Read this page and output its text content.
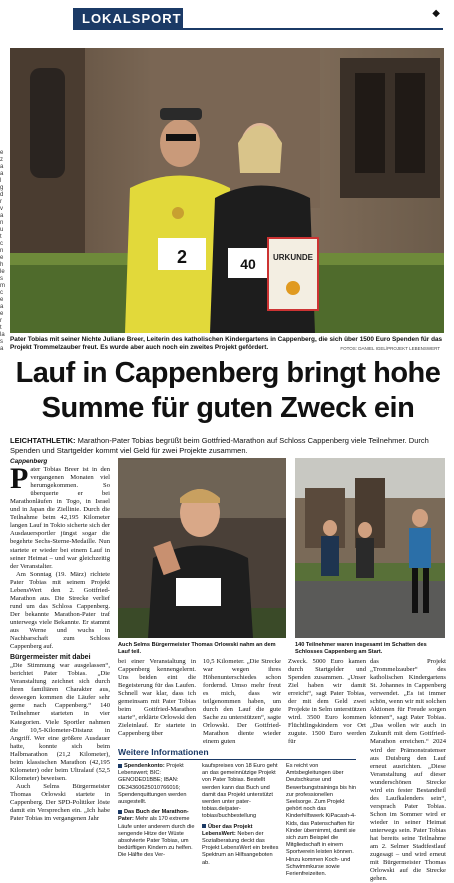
LOKALSPORT	◆
e
z
a
a
l
g
d
r
v
a
n
u
t
c
n
e
h
le
s
m
c
e
a
e
r
t
la
s
a
2	40 URKUNDE
Pater Tobias mit seiner Nichte Juliane Breer, Leiterin des katholischen Kindergartens in Cappenberg, die sich über 1500 Euro Spenden für das Projekt Trommelzauber freut. Es wurde aber auch noch ein zweites Projekt gefördert.	FOTOS: DANIEL IGEL/PROJEKT LEBENSWERT
Lauf in Cappenberg bringt hohe
Summe für guten Zweck ein
LEICHTATHLETIK: Marathon-Pater Tobias begrüßt beim Gottfried-Marathon auf Schloss Cappenberg viele Teilnehmer. Durch Spenden und Startgelder kommt viel Geld für zwei Projekte zusammen.

Cappenberg

Pater Tobias Breer ist in den vergangenen Monaten viel herumgekommen. So überquerte er bei Marathonläufen in Togo, in Israel und in Japan die Ziellinie. Durch die Teilnahme beim 42,195 Kilometer langen Lauf in Tokio sicherte sich der Ausdauersportler jüngst sogar die begehrte Sechs-Sterne-Medaille. Nun startete er wieder bei einem Lauf in seiner Heimat – und war gleichzeitig der Veranstalter.

Am Sonntag (19. März) richtete Pater Tobias mit seinem Projekt LebensWert den 2. Gottfried-Marathon aus. Die Strecke verlief rund um das Schloss Cappenberg. Der bekannte Marathon-Pater traf unterwegs viele Bekannte. Er stammt aus Werne und wuchs in Nachbarschaft zum Schloss Cappenberg auf.

Bürgermeister mit dabei

„Die Stimmung war ausgelassen“, berichtet Pater Tobias. „Die Veranstaltung zeichnet sich durch ihren familiären Charakter aus, deswegen kommen die Läufer sehr gerne nach Cappenberg.“ 140 Teilnehmer starteten in vier Kategorien. Viele Sportler nahmen die 10,5-Kilometer-Distanz in Angriff. Wer eine größere Ausdauer hatte, konnte sich beim Halbmarathon (21,2 Kilometer), beim klassischen Marathon (42,195 Kilometer) oder beim Ultralauf (52,5 Kilometer) beweisen.

Auch Selms Bürgermeister Thomas Orlowski startete in Cappenberg. Der SPD-Politiker löste damit ein Versprechen ein. „Ich habe Pater Tobias im vergangenen Jahr

Auch Selms Bürgermeister Thomas Orlowski nahm an dem Lauf teil.
140 Teilnehmer waren insgesamt im Schatten des Schlosses Cappenberg am Start.
bei einer Veranstaltung in Cappenberg kennengelernt. Uns beiden eint die Begeisterung für das Laufen. Schnell war klar, dass ich gemeinsam mit Pater Tobias beim Gottfried-Marathon starte“, erklärte Orlowski den Zieleinlauf. Er startete in Cappenberg über
10,5 Kilometer. „Die Strecke war wegen ihres Höhenunterschiedes schon fordernd. Umso mehr freut es mich, dass wir teilgenommen haben, um durch den Lauf die gute Sache zu unterstützen“, sagte Orlowski. Der Gottfried-Marathon diente wieder einem guten
Zweck. 5000 Euro kamen durch Startgelder und Spenden zusammen. „Unser Ziel haben wir damit erreicht“, sagt Pater Tobias, der mit dem Geld zwei Projekte in Selm unterstützen wird. 3500 Euro kommen Flüchtlingskindern vor Ort zugute. 1500 Euro werden für
das Projekt „Trommelzauber“ des katholischen Kindergartens St. Johannes in Cappenberg verwendet. „Es ist immer schön, wenn wir mit solchen Aktionen für Freude sorgen können“, sagt Pater Tobias. „Das wollen wir auch in Zukunft mit dem Gottfried-Marathon erreichen.“ 2024 wird der Prämonstratenser aus Duisburg den Lauf erneut ausrichten. „Diese Veranstaltung auf dieser wunderschönen Strecke wird ein fester Bestandteil des Laufkalenders sein“, versprach Pater Tobias. Schon im Sommer wird er wieder in seiner Heimat unterwegs sein. Pater Tobias hat bereits seine Teilnahme am 2. Selmer Stadtfestlauf zugesagt – und wird erneut mit Bürgermeister Thomas Orlowski auf die Strecke gehen.
Weitere Informationen
Spendenkonto: Projekt Lebenswert; BIC: GENODED1BBE; IBAN: DE34360625010766016; Spendenquittungen werden ausgestellt.
Das Buch der Marathon-Pater: Mehr als 170 extreme Läufe unter anderem durch die sengende Hitze der Wüste absolvierte Pater Tobias, um bedürftigen Kindern zu helfen. Die Hälfte des Ver-
kaufspreises von 18 Euro geht an das gemeinnützige Projekt von Pater Tobias. Bestellt werden kann das Buch und damit das Projekt unterstützt werden unter pater-tobias.de/pater-tobias/buchbestellung
Über das Projekt LebensWert: Neben der Sozialberatung deckt das Projekt LebensWert ein breites Spektrum an Hilfsangeboten ab.
Es reicht von Amtsbegleitungen über Deutschkurse und Bewerbungstrainings bis hin zur professionellen Seelsorge. Zum Projekt gehört noch das Kinderhilfswerk KiPacash-4-Kids, das Patenschaften für Kinder übernimmt, damit sie sich zum Beispiel die Mitgliedschaft in einem Sportverein leisten können. Hinzu kommen Koch- und Schwimmkurse sowie Ferienfreizeiten.
